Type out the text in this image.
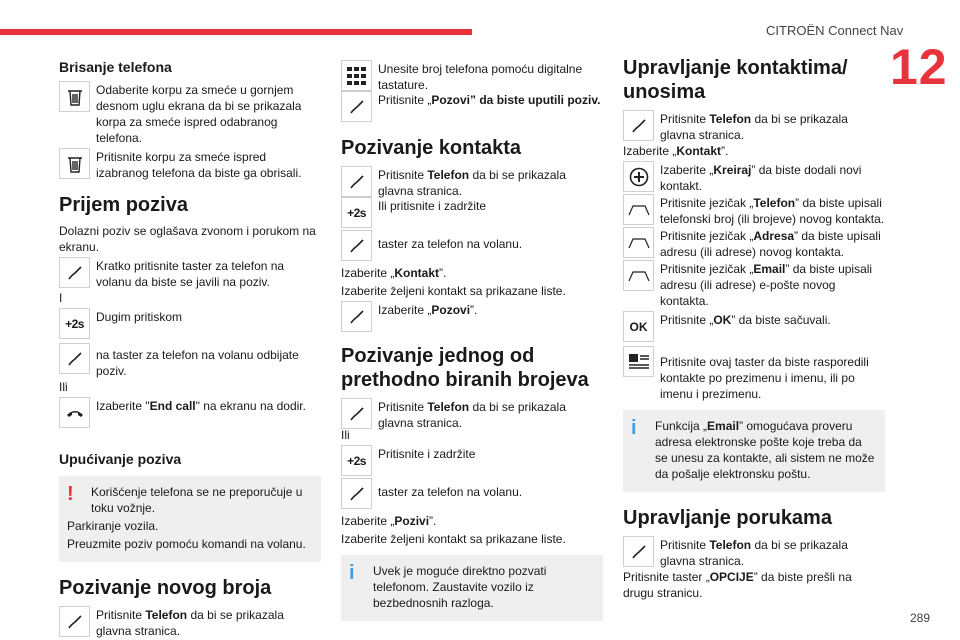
CITROËN Connect Nav
12
289
Brisanje telefona
Odaberite korpu za smeće u gornjem desnom uglu ekrana da bi se prikazala korpa za smeće ispred odabranog telefona.
Pritisnite korpu za smeće ispred izabranog telefona da biste ga obrisali.
Prijem poziva

Dolazni poziv se oglašava zvonom i porukom na ekranu.

Kratko pritisnite taster za telefon na volanu da biste se javili na poziv.

I

+2s Dugim pritiskom
na taster za telefon na volanu odbijate poziv.

Ili

Izaberite "End call" na ekranu na dodir.
Upućivanje poziva
!	Korišćenje telefona se ne preporučuje u toku vožnje.

Parkiranje vozila.

Preuzmite poziv pomoću komandi na volanu.

Pozivanje novog broja
Pritisnite Telefon da bi se prikazala glavna stranica.
Unesite broj telefona pomoću digitalne tastature.
Pritisnite „Pozovi” da biste uputili poziv.
Pozivanje kontakta
Pritisnite Telefon da bi se prikazala glavna stranica.
+2s Ili pritisnite i zadržite
taster za telefon na volanu.

Izaberite „Kontakt”.

Izaberite željeni kontakt sa prikazane liste.

Izaberite „Pozovi”.
Pozivanje jednog od prethodno biranih brojeva
Pritisnite Telefon da bi se prikazala glavna stranica.

Ili

+2s Pritisnite i zadržite
taster za telefon na volanu.

Izaberite „Pozivi”.

Izaberite željeni kontakt sa prikazane liste.

i	Uvek je moguće direktno pozvati telefonom. Zaustavite vozilo iz bezbednosnih razloga.

Upravljanje kontaktima/ unosima
Pritisnite Telefon da bi se prikazala glavna stranica.

Izaberite „Kontakt”.

Izaberite „Kreiraj” da biste dodali novi kontakt.
Pritisnite jezičak „Telefon” da biste upisali telefonski broj (ili brojeve) novog kontakta.
Pritisnite jezičak „Adresa” da biste upisali adresu (ili adrese) novog kontakta.
Pritisnite jezičak „Email” da biste upisali adresu (ili adrese) e-pošte novog kontakta.
OK Pritisnite „OK” da biste sačuvali.
Pritisnite ovaj taster da biste rasporedili kontakte po prezimenu i imenu, ili po imenu i prezimenu.
i	Funkcija „Email” omogućava proveru adresa elektronske pošte koje treba da se unesu za kontakte, ali sistem ne može da pošalje elektronsku poštu.

Upravljanje porukama
Pritisnite Telefon da bi se prikazala glavna stranica.

Pritisnite taster „OPCIJE” da biste prešli na drugu stranicu.
